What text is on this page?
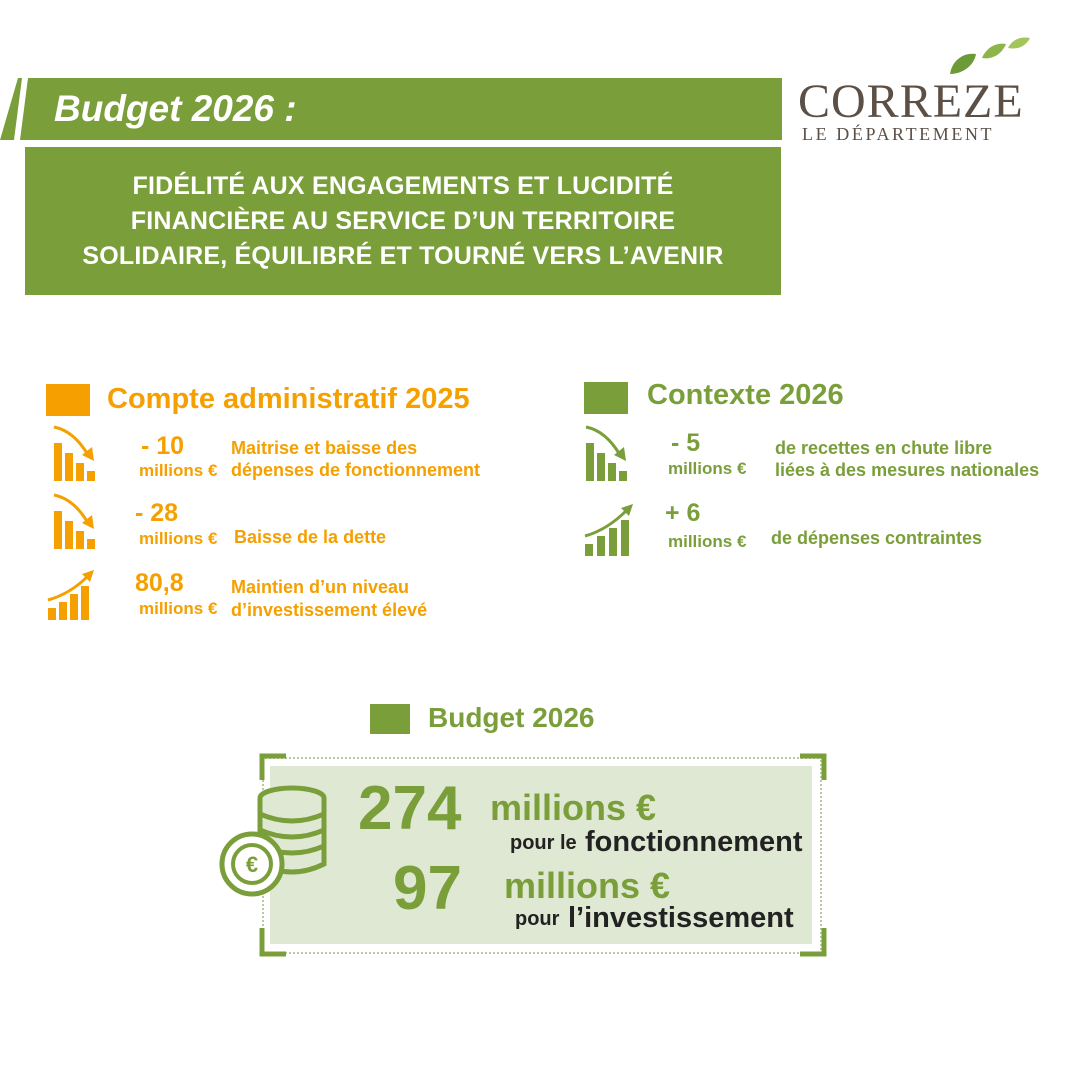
Budget 2026 :
FIDÉLITÉ AUX ENGAGEMENTS ET LUCIDITÉ
FINANCIÈRE AU SERVICE D’UN TERRITOIRE
SOLIDAIRE, ÉQUILIBRÉ ET TOURNÉ VERS L’AVENIR
CORREZE
LE DÉPARTEMENT
Compte administratif 2025
- 10
millions €
Maitrise et baisse des
dépenses de fonctionnement
- 28
millions € Baisse de la dette
80,8
millions €
Maintien d’un niveau
d’investissement élevé
Contexte 2026
- 5
millions €
de recettes en chute libre
liées à des mesures nationales
+ 6
millions € de dépenses contraintes
Budget 2026
€
274 millions €
pour le fonctionnement
97 millions €
pour l’investissement
